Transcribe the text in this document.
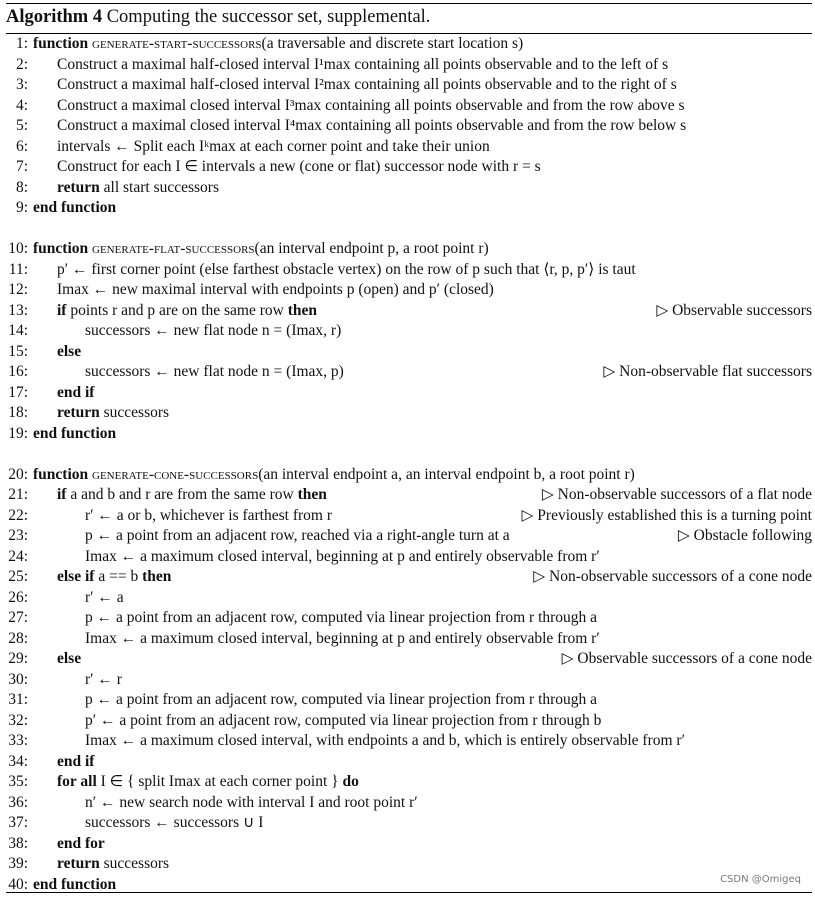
Algorithm 4 Computing the successor set, supplemental.
1: function generate-start-successors(a traversable and discrete start location s)
2: Construct a maximal half-closed interval I¹max containing all points observable and to the left of s
3: Construct a maximal half-closed interval I²max containing all points observable and to the right of s
4: Construct a maximal closed interval I³max containing all points observable and from the row above s
5: Construct a maximal closed interval I⁴max containing all points observable and from the row below s
6: intervals ← Split each Iᵏmax at each corner point and take their union
7: Construct for each I ∈ intervals a new (cone or flat) successor node with r = s
8: return all start successors
9: end function
10: function generate-flat-successors(an interval endpoint p, a root point r)
11: p′ ← first corner point (else farthest obstacle vertex) on the row of p such that ⟨r, p, p′⟩ is taut
12: Imax ← new maximal interval with endpoints p (open) and p′ (closed)
13: if points r and p are on the same row then	▷ Observable successors
14:	successors ← new flat node n = (Imax, r)
15: else
16:	successors ← new flat node n = (Imax, p)	▷ Non-observable flat successors
17: end if
18: return successors
19: end function
20: function generate-cone-successors(an interval endpoint a, an interval endpoint b, a root point r)
21: if a and b and r are from the same row then	▷ Non-observable successors of a flat node
22:	r′ ← a or b, whichever is farthest from r	▷ Previously established this is a turning point
23:	p ← a point from an adjacent row, reached via a right-angle turn at a	▷ Obstacle following
24:	Imax ← a maximum closed interval, beginning at p and entirely observable from r′
25: else if a == b then	▷ Non-observable successors of a cone node
26:	r′ ← a
27:	p ← a point from an adjacent row, computed via linear projection from r through a
28:	Imax ← a maximum closed interval, beginning at p and entirely observable from r′
29: else	▷ Observable successors of a cone node
30:	r′ ← r
31:	p ← a point from an adjacent row, computed via linear projection from r through a
32:	p′ ← a point from an adjacent row, computed via linear projection from r through b
33:	Imax ← a maximum closed interval, with endpoints a and b, which is entirely observable from r′
34: end if
35: for all I ∈ { split Imax at each corner point } do
36:	n′ ← new search node with interval I and root point r′
37:	successors ← successors ∪ I
38: end for
39: return successors
40: end function	CSDN @Omigeq
